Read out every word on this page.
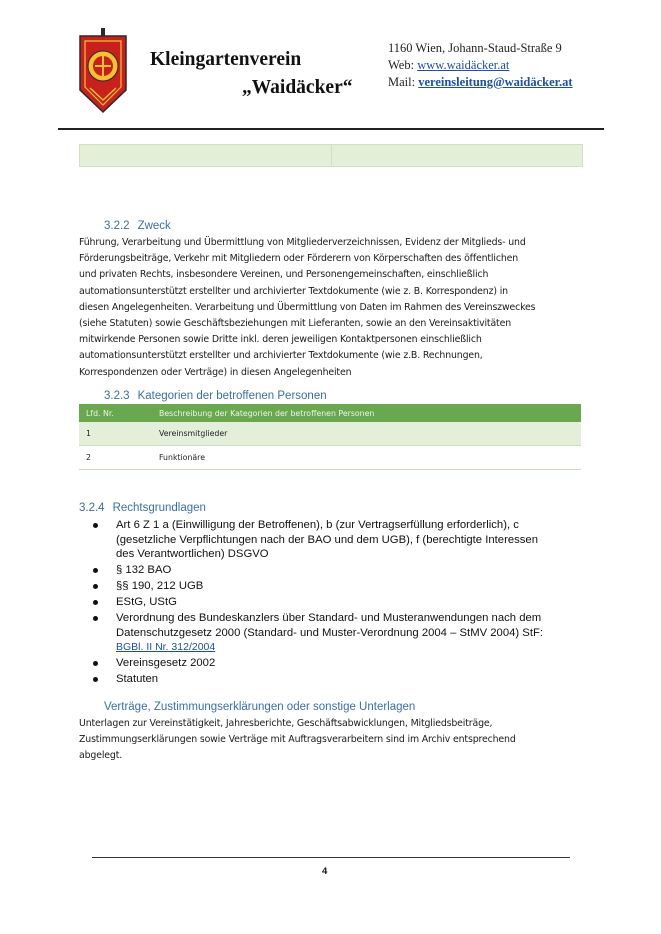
Kleingartenverein
„Waidäcker“
1160 Wien, Johann-Staud-Straße 9
Web: www.waidäcker.at
Mail: vereinsleitung@waidäcker.at
3.2.2 Zweck
Führung, Verarbeitung und Übermittlung von Mitgliederverzeichnissen, Evidenz der Mitglieds- und
Förderungsbeiträge, Verkehr mit Mitgliedern oder Förderern von Körperschaften des öffentlichen
und privaten Rechts, insbesondere Vereinen, und Personengemeinschaften, einschließlich
automationsunterstützt erstellter und archivierter Textdokumente (wie z. B. Korrespondenz) in
diesen Angelegenheiten. Verarbeitung und Übermittlung von Daten im Rahmen des Vereinszweckes
(siehe Statuten) sowie Geschäftsbeziehungen mit Lieferanten, sowie an den Vereinsaktivitäten
mitwirkende Personen sowie Dritte inkl. deren jeweiligen Kontaktpersonen einschließlich
automationsunterstützt erstellter und archivierter Textdokumente (wie z.B. Rechnungen,
Korrespondenzen oder Verträge) in diesen Angelegenheiten
3.2.3 Kategorien der betroffenen Personen
Lfd. Nr.	Beschreibung der Kategorien der betroffenen Personen
1	Vereinsmitglieder
2	Funktionäre
3.2.4 Rechtsgrundlagen
Art 6 Z 1 a (Einwilligung der Betroffenen), b (zur Vertragserfüllung erforderlich), c
(gesetzliche Verpflichtungen nach der BAO und dem UGB), f (berechtigte Interessen
des Verantwortlichen) DSGVO
§ 132 BAO
§§ 190, 212 UGB
EStG, UStG
Verordnung des Bundeskanzlers über Standard- und Musteranwendungen nach dem
Datenschutzgesetz 2000 (Standard- und Muster-Verordnung 2004 – StMV 2004) StF:
BGBl. II Nr. 312/2004
Vereinsgesetz 2002
Statuten
Verträge, Zustimmungserklärungen oder sonstige Unterlagen
Unterlagen zur Vereinstätigkeit, Jahresberichte, Geschäftsabwicklungen, Mitgliedsbeiträge,
Zustimmungserklärungen sowie Verträge mit Auftragsverarbeitern sind im Archiv entsprechend
abgelegt.
4
